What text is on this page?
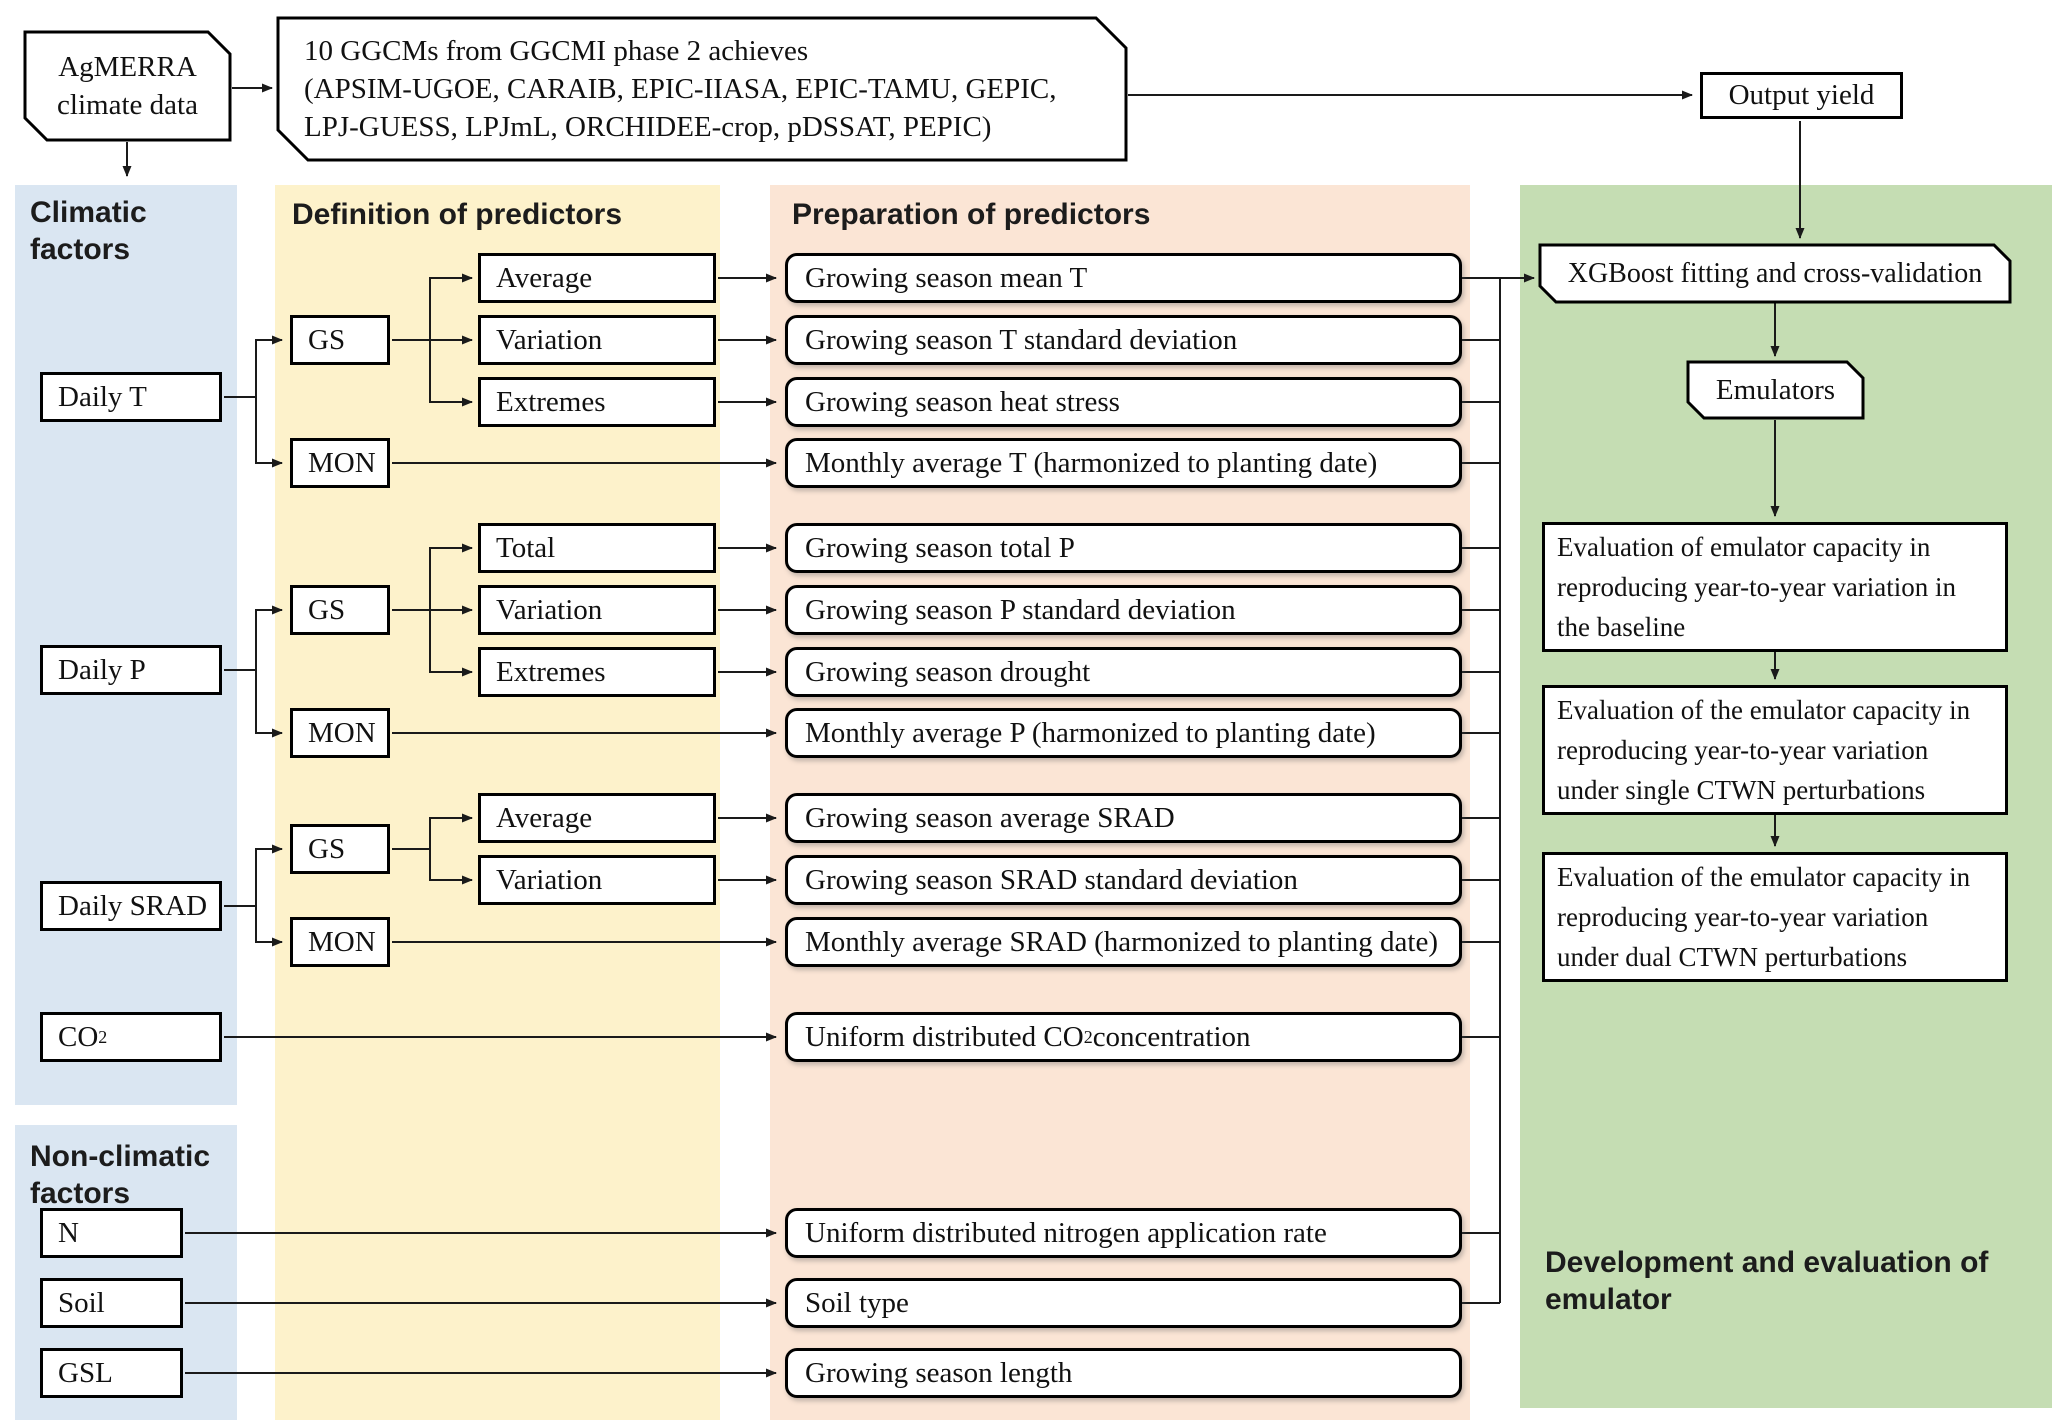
AgMERRA
climate data
10 GGCMs from GGCMI phase 2 achieves
(APSIM-UGOE, CARAIB, EPIC-IIASA, EPIC-TAMU, GEPIC,
LPJ-GUESS, LPJmL, ORCHIDEE-crop, pDSSAT, PEPIC)
Output yield
Climatic
factors
Definition of predictors	Preparation of predictors
Non-climatic
factors
Development and evaluation of
emulator
Daily T
Daily P
Daily SRAD
CO 2
N
Soil
GSL
GS
MON
Average
Variation
Extremes
GS
MON
Total
Variation
Extremes
GS
MON
Average
Variation
Growing season mean T
Growing season T standard deviation
Growing season heat stress
Monthly average T (harmonized to planting date)
Growing season total P
Growing season P standard deviation
Growing season drought
Monthly average P (harmonized to planting date)
Growing season average SRAD
Growing season SRAD standard deviation
Monthly average SRAD (harmonized to planting date)
Uniform distributed CO 2 concentration
Uniform distributed nitrogen application rate
Soil type
Growing season length
XGBoost fitting and cross-validation
Emulators
Evaluation of emulator capacity in reproducing year-to-year variation in the baseline
Evaluation of the emulator capacity in reproducing year-to-year variation under single CTWN perturbations
Evaluation of the emulator capacity in reproducing year-to-year variation under dual CTWN perturbations
